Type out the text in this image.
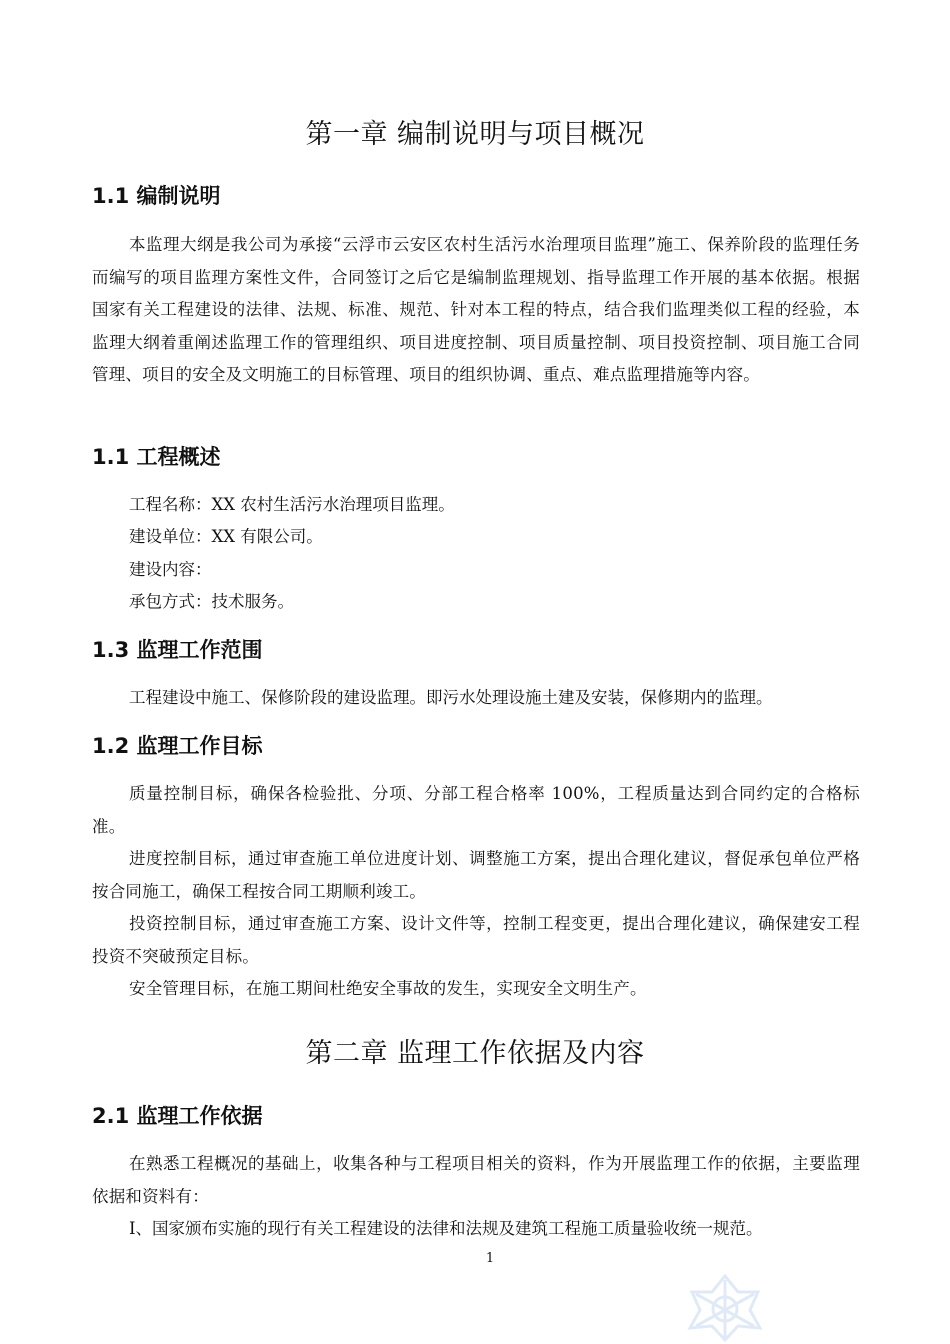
第一章 编制说明与项目概况
1.1 编制说明

本监理大纲是我公司为承接“云浮市云安区农村生活污水治理项目监理”施工、保养阶段的监理任务而编写的项目监理方案性文件，合同签订之后它是编制监理规划、指导监理工作开展的基本依据。根据国家有关工程建设的法律、法规、标准、规范、针对本工程的特点，结合我们监理类似工程的经验，本监理大纲着重阐述监理工作的管理组织、项目进度控制、项目质量控制、项目投资控制、项目施工合同管理、项目的安全及文明施工的目标管理、项目的组织协调、重点、难点监理措施等内容。

1.1 工程概述

工程名称：XX 农村生活污水治理项目监理。

建设单位：XX 有限公司。

建设内容：

承包方式：技术服务。

1.3 监理工作范围

工程建设中施工、保修阶段的建设监理。即污水处理设施土建及安装，保修期内的监理。

1.2 监理工作目标

质量控制目标，确保各检验批、分项、分部工程合格率 100%，工程质量达到合同约定的合格标准。

进度控制目标，通过审查施工单位进度计划、调整施工方案，提出合理化建议，督促承包单位严格按合同施工，确保工程按合同工期顺利竣工。

投资控制目标，通过审查施工方案、设计文件等，控制工程变更，提出合理化建议，确保建安工程投资不突破预定目标。

安全管理目标，在施工期间杜绝安全事故的发生，实现安全文明生产。

第二章 监理工作依据及内容
2.1 监理工作依据

在熟悉工程概况的基础上，收集各种与工程项目相关的资料，作为开展监理工作的依据，主要监理依据和资料有：

Ⅰ、国家颁布实施的现行有关工程建设的法律和法规及建筑工程施工质量验收统一规范。

1
